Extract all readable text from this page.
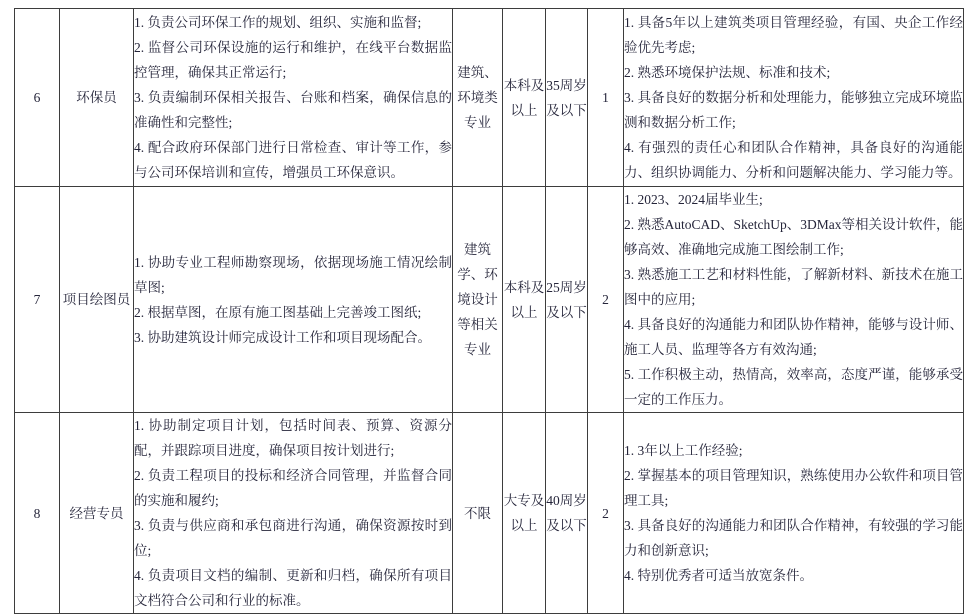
6	环保员	1. 负责公司环保工作的规划、组织、实施和监督;
2. 监督公司环保设施的运行和维护，在线平台数据监控管理，确保其正常运行;
3. 负责编制环保相关报告、台账和档案，确保信息的准确性和完整性;
4. 配合政府环保部门进行日常检查、审计等工作，参与公司环保培训和宣传，增强员工环保意识。	建筑、环境类专业	本科及以上	35周岁及以下	1	1. 具备5年以上建筑类项目管理经验，有国、央企工作经验优先考虑;
2. 熟悉环境保护法规、标准和技术;
3. 具备良好的数据分析和处理能力，能够独立完成环境监测和数据分析工作;
4. 有强烈的责任心和团队合作精神，具备良好的沟通能力、组织协调能力、分析和问题解决能力、学习能力等。
7	项目绘图员	1. 协助专业工程师勘察现场，依据现场施工情况绘制草图;
2. 根据草图，在原有施工图基础上完善竣工图纸;
3. 协助建筑设计师完成设计工作和项目现场配合。	建筑学、环境设计等相关专业	本科及以上	25周岁及以下	2	1. 2023、2024届毕业生;
2. 熟悉AutoCAD、SketchUp、3DMax等相关设计软件，能够高效、准确地完成施工图绘制工作;
3. 熟悉施工工艺和材料性能，了解新材料、新技术在施工图中的应用;
4. 具备良好的沟通能力和团队协作精神，能够与设计师、施工人员、监理等各方有效沟通;
5. 工作积极主动，热情高，效率高，态度严谨，能够承受一定的工作压力。
8	经营专员	1. 协助制定项目计划，包括时间表、预算、资源分配，并跟踪项目进度，确保项目按计划进行;
2. 负责工程项目的投标和经济合同管理，并监督合同的实施和履约;
3. 负责与供应商和承包商进行沟通，确保资源按时到位;
4. 负责项目文档的编制、更新和归档，确保所有项目文档符合公司和行业的标准。	不限	大专及以上	40周岁及以下	2	1. 3年以上工作经验;
2. 掌握基本的项目管理知识，熟练使用办公软件和项目管理工具;
3. 具备良好的沟通能力和团队合作精神，有较强的学习能力和创新意识;
4. 特别优秀者可适当放宽条件。
